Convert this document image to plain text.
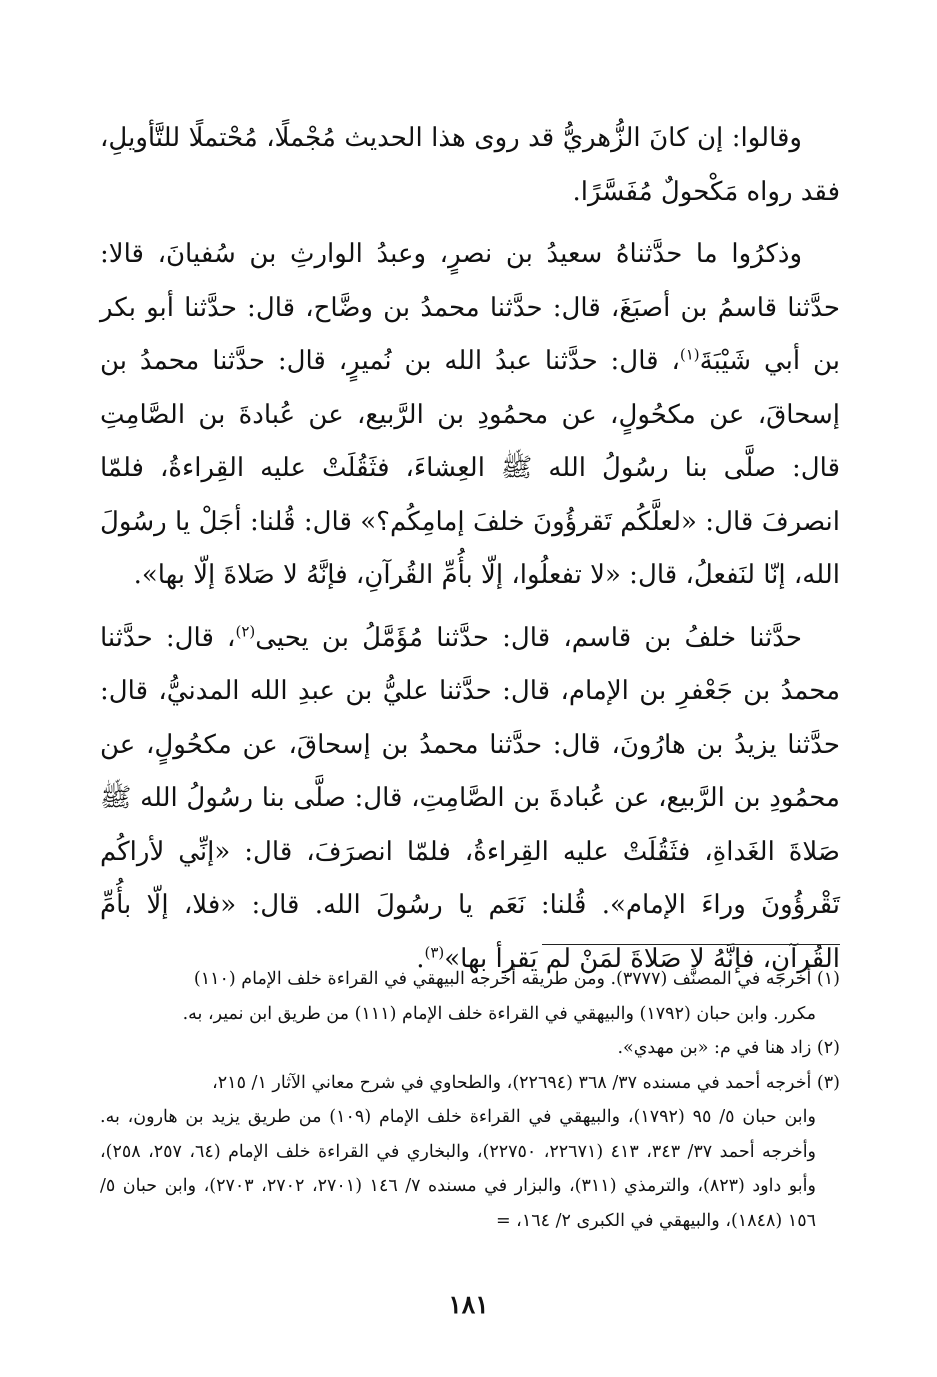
وقالوا: إن كانَ الزُّهريُّ قد روى هذا الحديث مُجْملًا، مُحْتملًا للتَّأويلِ، فقد رواه مَكْحولٌ مُفَسَّرًا.

وذكرُوا ما حدَّثناهُ سعيدُ بن نصرٍ، وعبدُ الوارثِ بن سُفيانَ، قالا: حدَّثنا قاسمُ بن أصبَغَ، قال: حدَّثنا محمدُ بن وضَّاح، قال: حدَّثنا أبو بكر بن أبي شَيْبَةَ$^{(١)}$، قال: حدَّثنا عبدُ الله بن نُميرٍ، قال: حدَّثنا محمدُ بن إسحاقَ، عن مكحُولٍ، عن محمُودِ بن الرَّبيع، عن عُبادةَ بن الصَّامِتِ قال: صلَّى بنا رسُولُ الله ﷺ العِشاءَ، فثَقُلَتْ عليه القِراءةُ، فلمّا انصرفَ قال: «لعلَّكُم تَقرؤُونَ خلفَ إمامِكُم؟» قال: قُلنا: أجَلْ يا رسُولَ الله، إنّا لنَفعلُ، قال: «لا تفعلُوا، إلّا بأُمِّ القُرآنِ، فإنَّهُ لا صَلاةَ إلّا بها».

حدَّثنا خلفُ بن قاسم، قال: حدَّثنا مُؤَمَّلُ بن يحيى$^{(٢)}$، قال: حدَّثنا محمدُ بن جَعْفرِ بن الإمام، قال: حدَّثنا عليُّ بن عبدِ الله المدنيُّ، قال: حدَّثنا يزيدُ بن هارُونَ، قال: حدَّثنا محمدُ بن إسحاقَ، عن مكحُولٍ، عن محمُودِ بن الرَّبيع، عن عُبادةَ بن الصَّامِتِ، قال: صلَّى بنا رسُولُ الله ﷺ صَلاةَ الغَداةِ، فثَقُلَتْ عليه القِراءةُ، فلمّا انصرَفَ، قال: «إنِّي لأراكُم تَقْرؤُونَ وراءَ الإمام». قُلنا: نَعَم يا رسُولَ الله. قال: «فلا، إلّا بأُمِّ القُرآنِ، فإنَّهُ لا صَلاةَ لمَنْ لم يَقرأ بها»$^{(٣)}$.

(١) أخرجه في المصنَّف (٣٧٧٧). ومن طريقه أخرجه البيهقي في القراءة خلف الإمام (١١٠)
مكرر. وابن حبان (١٧٩٢) والبيهقي في القراءة خلف الإمام (١١١) من طريق ابن نمير، به.

(٢) زاد هنا في م: «بن مهدي».

(٣) أخرجه أحمد في مسنده ٣٧/ ٣٦٨ (٢٢٦٩٤)، والطحاوي في شرح معاني الآثار ١/ ٢١٥،
وابن حبان ٥/ ٩٥ (١٧٩٢)، والبيهقي في القراءة خلف الإمام (١٠٩) من طريق يزيد بن هارون، به. وأخرجه أحمد ٣٧/ ٣٤٣، ٤١٣ (٢٢٦٧١، ٢٢٧٥٠)، والبخاري في القراءة خلف الإمام (٦٤، ٢٥٧، ٢٥٨)، وأبو داود (٨٢٣)، والترمذي (٣١١)، والبزار في مسنده ٧/ ١٤٦ (٢٧٠١، ٢٧٠٢، ٢٧٠٣)، وابن حبان ٥/ ١٥٦ (١٨٤٨)، والبيهقي في الكبرى ٢/ ١٦٤، =

١٨١
